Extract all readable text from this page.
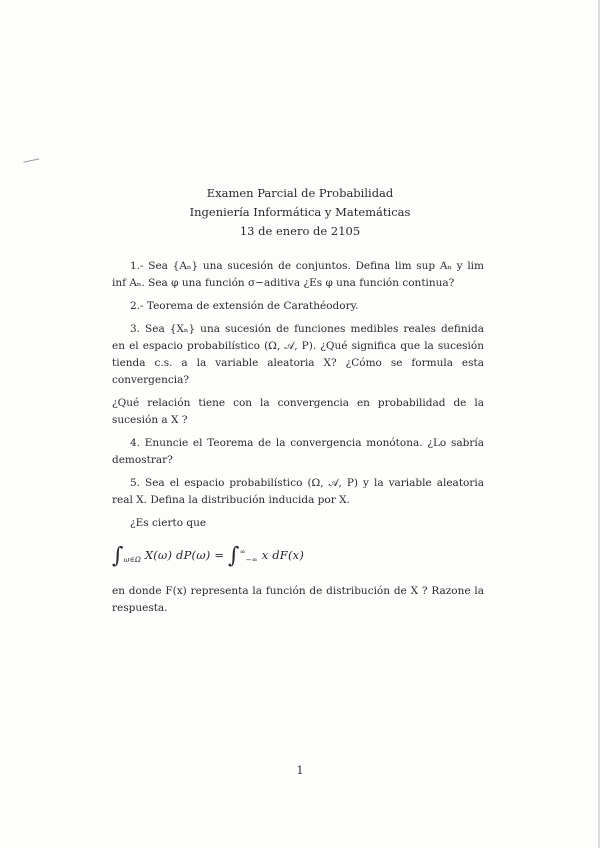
Examen Parcial de Probabilidad
Ingeniería Informática y Matemáticas
13 de enero de 2105

1.- Sea {Aₙ} una sucesión de conjuntos. Defina lim sup Aₙ y lim inf Aₙ. Sea φ una función σ−aditiva ¿Es φ una función continua?

2.- Teorema de extensión de Carathéodory.

3. Sea {Xₙ} una sucesión de funciones medibles reales definida en el espacio probabilístico (Ω, 𝒜, P). ¿Qué significa que la sucesión tienda c.s. a la variable aleatoria X? ¿Cómo se formula esta convergencia?

¿Qué relación tiene con la convergencia en probabilidad de la sucesión a X ?

4. Enuncie el Teorema de la convergencia monótona. ¿Lo sabría demostrar?

5. Sea el espacio probabilístico (Ω, 𝒜, P) y la variable aleatoria real X. Defina la distribución inducida por X.

¿Es cierto que

$\int_{\omega\in\Omega}$ X(ω) $dP(\omega) = \int^\infty_{-\infty}$ x dF(x)

en donde F(x) representa la función de distribución de X ? Razone la respuesta.

1
